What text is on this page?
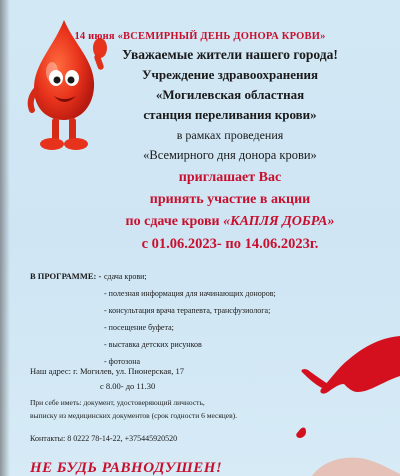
14 июня «ВСЕМИРНЫЙ ДЕНЬ ДОНОРА КРОВИ»
Уважаемые жители нашего города!
Учреждение здравоохранения
«Могилевская областная
станция переливания крови»
в рамках проведения
«Всемирного дня донора крови»
приглашает Вас
принять участие в акции
по сдаче крови «КАПЛЯ ДОБРА»
с 01.06.2023- по 14.06.2023г.
В ПРОГРАММЕ: - сдача крови;
- полезная информация для начинающих доноров;
- консультация врача терапевта, трансфузиолога;
- посещение буфета;
- выставка детских рисунков
- фотозона
Наш адрес: г. Могилев, ул. Пионерская, 17
с 8.00- до 11.30
При себе иметь: документ, удостоверяющий личность,
выписку из медицинских документов (срок годности 6 месяцев).
Контакты: 8 0222 78-14-22, +375445920520
НЕ БУДЬ РАВНОДУШЕН!
